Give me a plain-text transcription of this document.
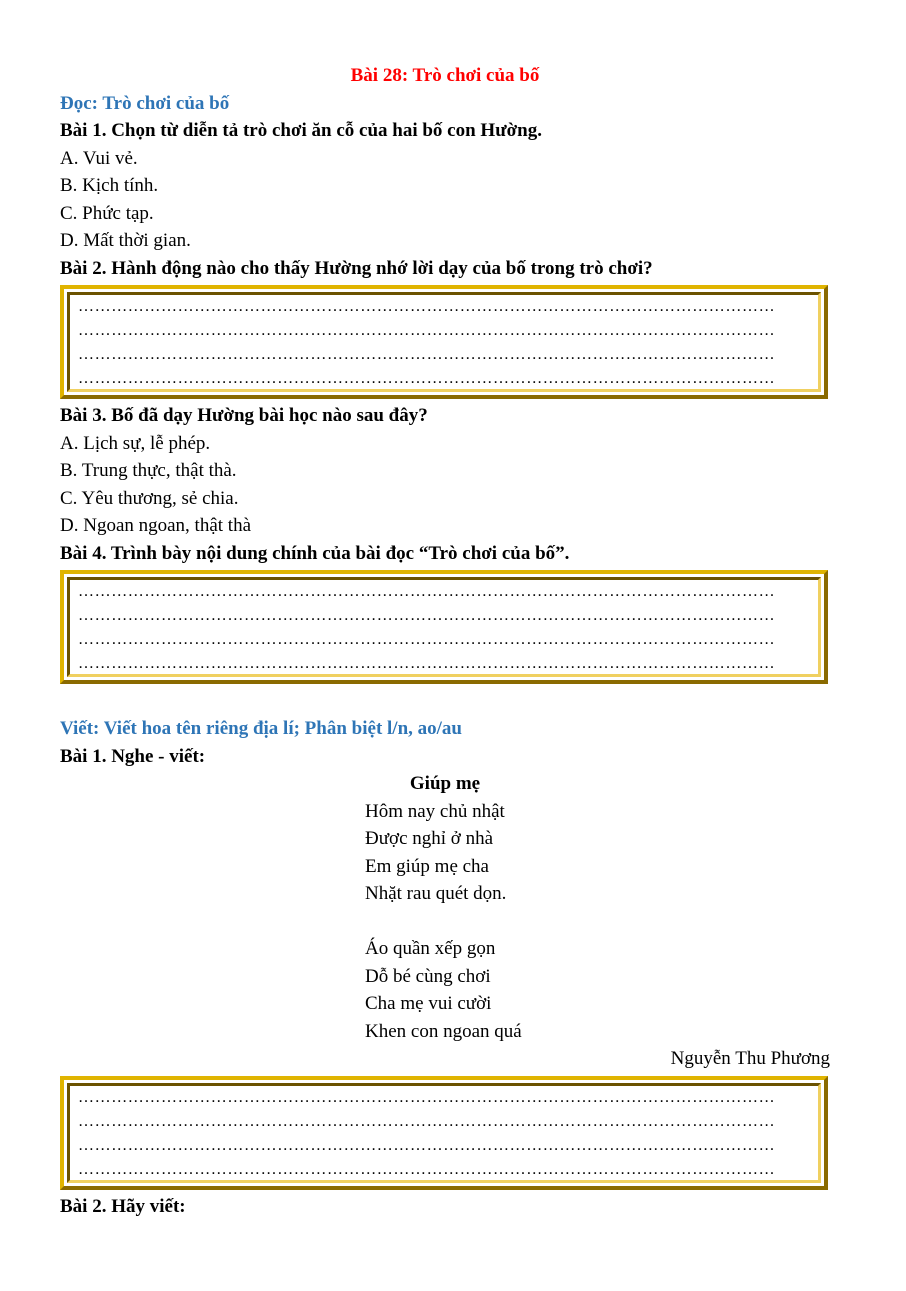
Bài 28: Trò chơi của bố
Đọc: Trò chơi của bố
Bài 1. Chọn từ diễn tả trò chơi ăn cỗ của hai bố con Hường.
A. Vui vẻ.
B. Kịch tính.
C. Phức tạp.
D. Mất thời gian.
Bài 2. Hành động nào cho thấy Hường nhớ lời dạy của bố trong trò chơi?
………………………………………………………………………………………………………………
………………………………………………………………………………………………………………
………………………………………………………………………………………………………………
………………………………………………………………………………………………………………
Bài 3. Bố đã dạy Hường bài học nào sau đây?
A. Lịch sự, lễ phép.
B. Trung thực, thật thà.
C. Yêu thương, sẻ chia.
D. Ngoan ngoan, thật thà
Bài 4. Trình bày nội dung chính của bài đọc “Trò chơi của bố”.
………………………………………………………………………………………………………………
………………………………………………………………………………………………………………
………………………………………………………………………………………………………………
………………………………………………………………………………………………………………
Viết: Viết hoa tên riêng địa lí; Phân biệt l/n, ao/au
Bài 1. Nghe - viết:
Giúp mẹ
Hôm nay chủ nhật
Được nghỉ ở nhà
Em giúp mẹ cha
Nhặt rau quét dọn.
Áo quần xếp gọn
Dỗ bé cùng chơi
Cha mẹ vui cười
Khen con ngoan quá
Nguyễn Thu Phương
………………………………………………………………………………………………………………
………………………………………………………………………………………………………………
………………………………………………………………………………………………………………
………………………………………………………………………………………………………………
Bài 2. Hãy viết:
